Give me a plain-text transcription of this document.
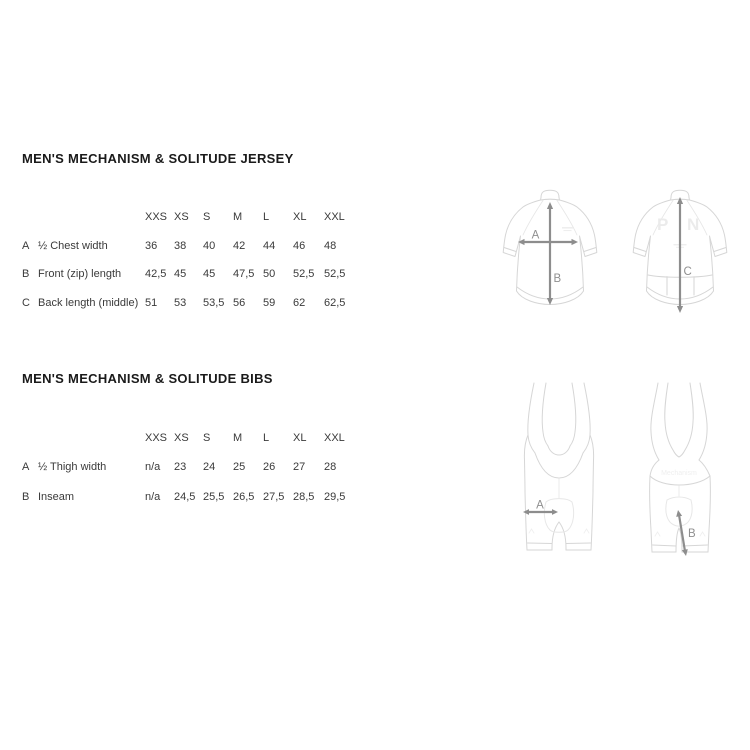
MEN'S MECHANISM & SOLITUDE JERSEY
		XXS	XS	S	M	L	XL	XXL
A	½ Chest width	36	38	40	42	44	46	48
B	Front (zip) length	42,5	45	45	47,5	50	52,5	52,5
C	Back length (middle)	51	53	53,5	56	59	62	62,5
A
B
P N
C
MEN'S MECHANISM & SOLITUDE BIBS
		XXS	XS	S	M	L	XL	XXL
A	½ Thigh width	n/a	23	24	25	26	27	28
B	Inseam	n/a	24,5	25,5	26,5	27,5	28,5	29,5
A
Mechanism
B
